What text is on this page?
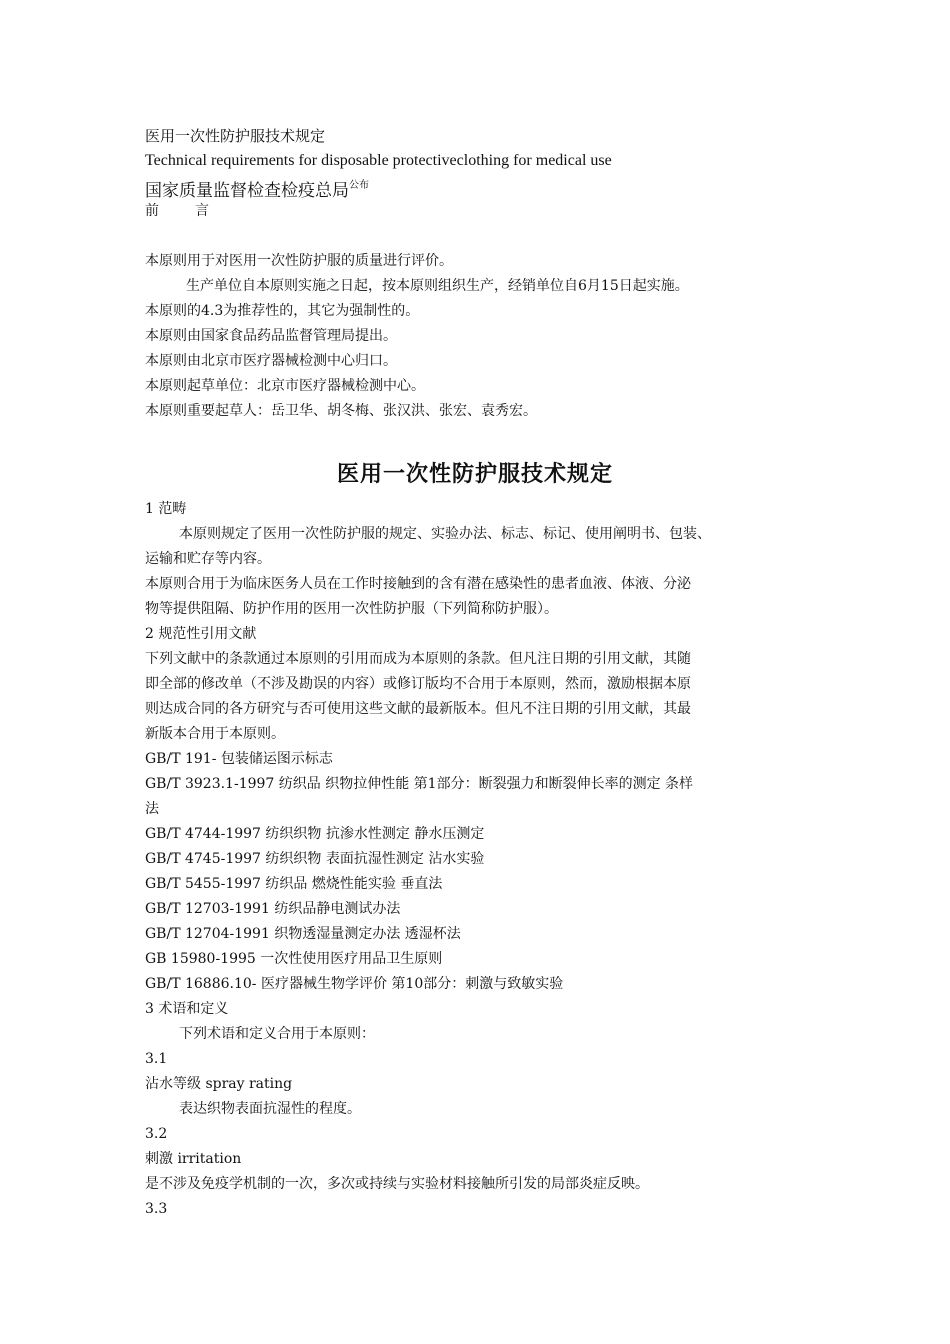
医用一次性防护服技术规定
Technical requirements for disposable protectiveclothing for medical use
国家质量监督检查检疫总局$^{公布}$
前言
本原则用于对医用一次性防护服的质量进行评价。
生产单位自本原则实施之日起，按本原则组织生产，经销单位自6月15日起实施。
本原则的4.3为推荐性的，其它为强制性的。
本原则由国家食品药品监督管理局提出。
本原则由北京市医疗器械检测中心归口。
本原则起草单位：北京市医疗器械检测中心。
本原则重要起草人：岳卫华、胡冬梅、张汉洪、张宏、袁秀宏。
医用一次性防护服技术规定
1 范畴
本原则规定了医用一次性防护服的规定、实验办法、标志、标记、使用阐明书、包装、
运输和贮存等内容。
本原则合用于为临床医务人员在工作时接触到的含有潜在感染性的患者血液、体液、分泌
物等提供阻隔、防护作用的医用一次性防护服（下列简称防护服）。
2 规范性引用文献
下列文献中的条款通过本原则的引用而成为本原则的条款。但凡注日期的引用文献，其随
即全部的修改单（不涉及勘误的内容）或修订版均不合用于本原则，然而，激励根据本原
则达成合同的各方研究与否可使用这些文献的最新版本。但凡不注日期的引用文献，其最
新版本合用于本原则。
GB/T 191- 包装储运图示标志
GB/T 3923.1-1997 纺织品 织物拉伸性能 第1部分：断裂强力和断裂伸长率的测定 条样
法
GB/T 4744-1997 纺织织物 抗渗水性测定 静水压测定
GB/T 4745-1997 纺织织物 表面抗湿性测定 沾水实验
GB/T 5455-1997 纺织品 燃烧性能实验 垂直法
GB/T 12703-1991 纺织品静电测试办法
GB/T 12704-1991 织物透湿量测定办法 透湿杯法
GB 15980-1995 一次性使用医疗用品卫生原则
GB/T 16886.10- 医疗器械生物学评价 第10部分：刺激与致敏实验
3 术语和定义
下列术语和定义合用于本原则：
3.1
沾水等级 spray rating
表达织物表面抗湿性的程度。
3.2
刺激 irritation
是不涉及免疫学机制的一次，多次或持续与实验材料接触所引发的局部炎症反映。
3.3
